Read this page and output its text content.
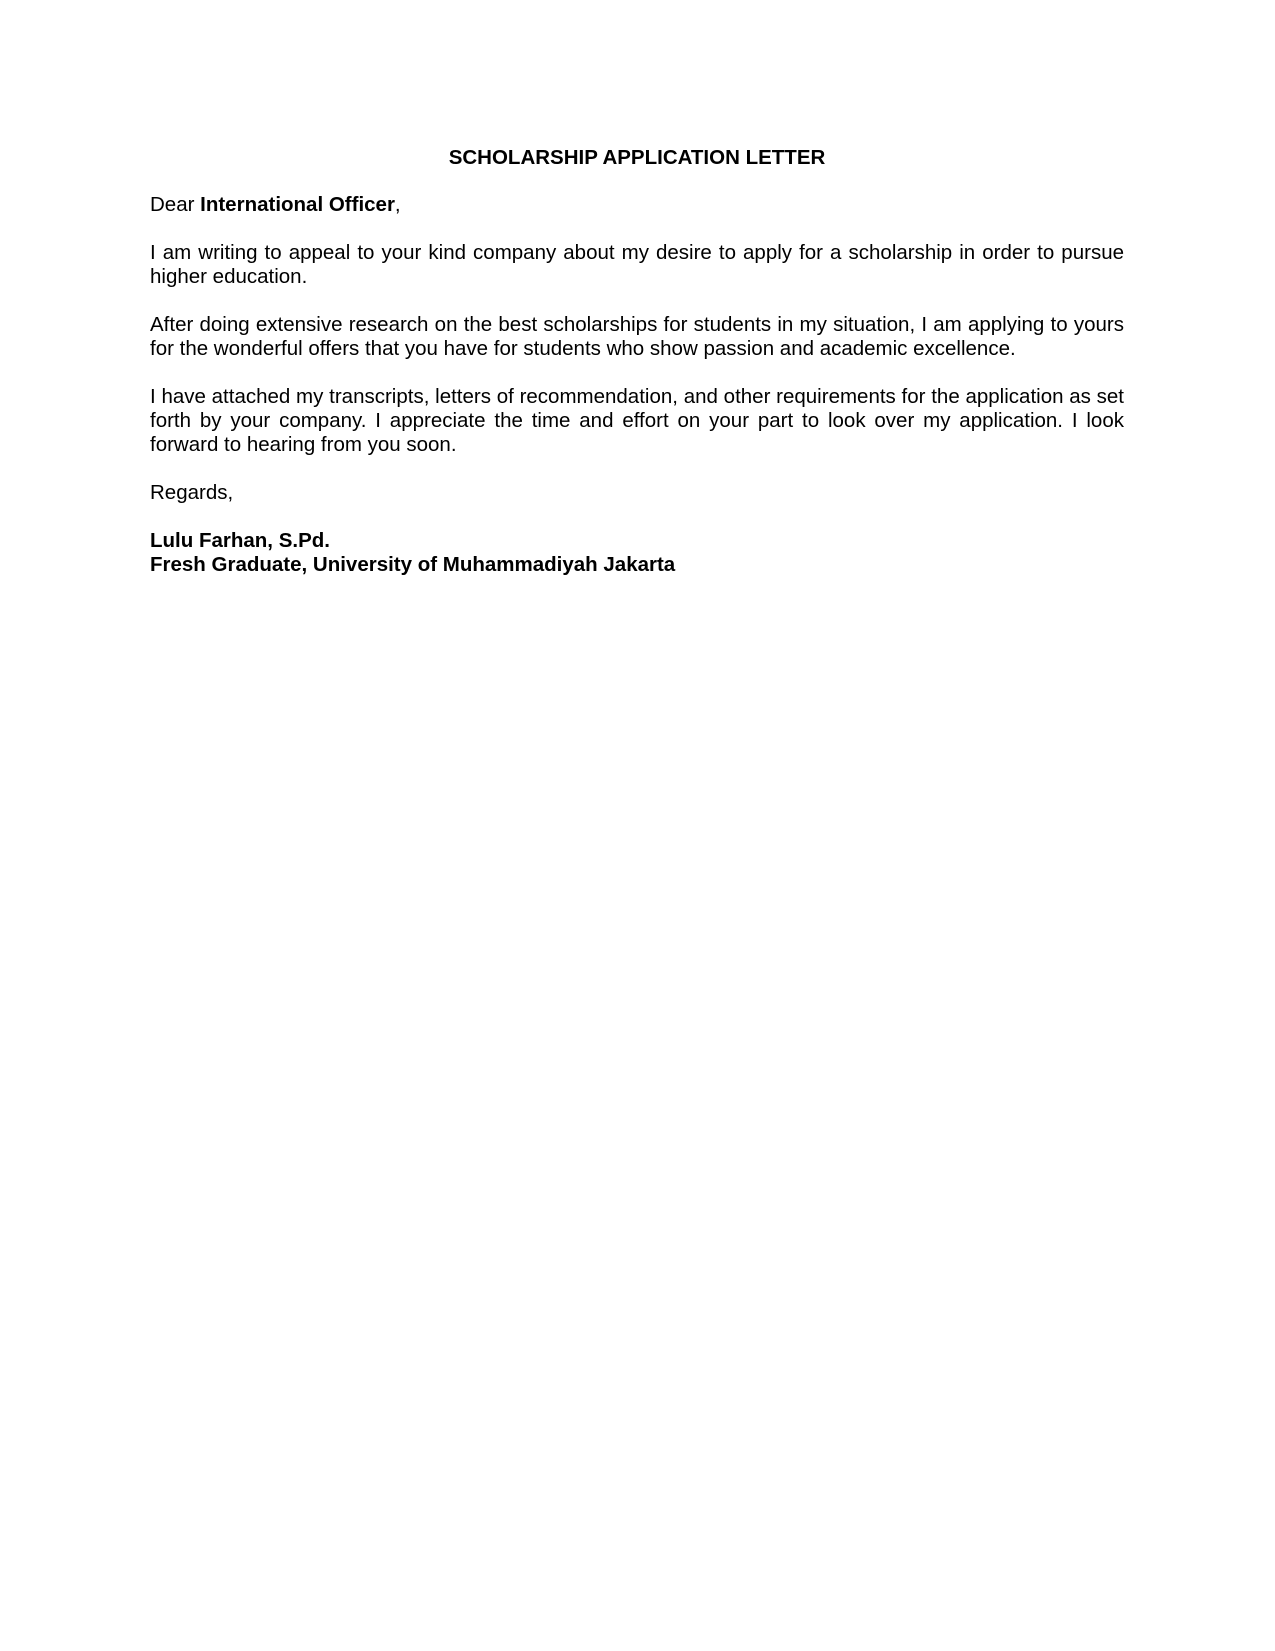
SCHOLARSHIP APPLICATION LETTER
Dear International Officer,

I am writing to appeal to your kind company about my desire to apply for a scholarship in order to pursue higher education.

After doing extensive research on the best scholarships for students in my situation, I am applying to yours for the wonderful offers that you have for students who show passion and academic excellence.

I have attached my transcripts, letters of recommendation, and other requirements for the application as set forth by your company. I appreciate the time and effort on your part to look over my application. I look forward to hearing from you soon.

Regards,
Lulu Farhan, S.Pd.
Fresh Graduate, University of Muhammadiyah Jakarta
